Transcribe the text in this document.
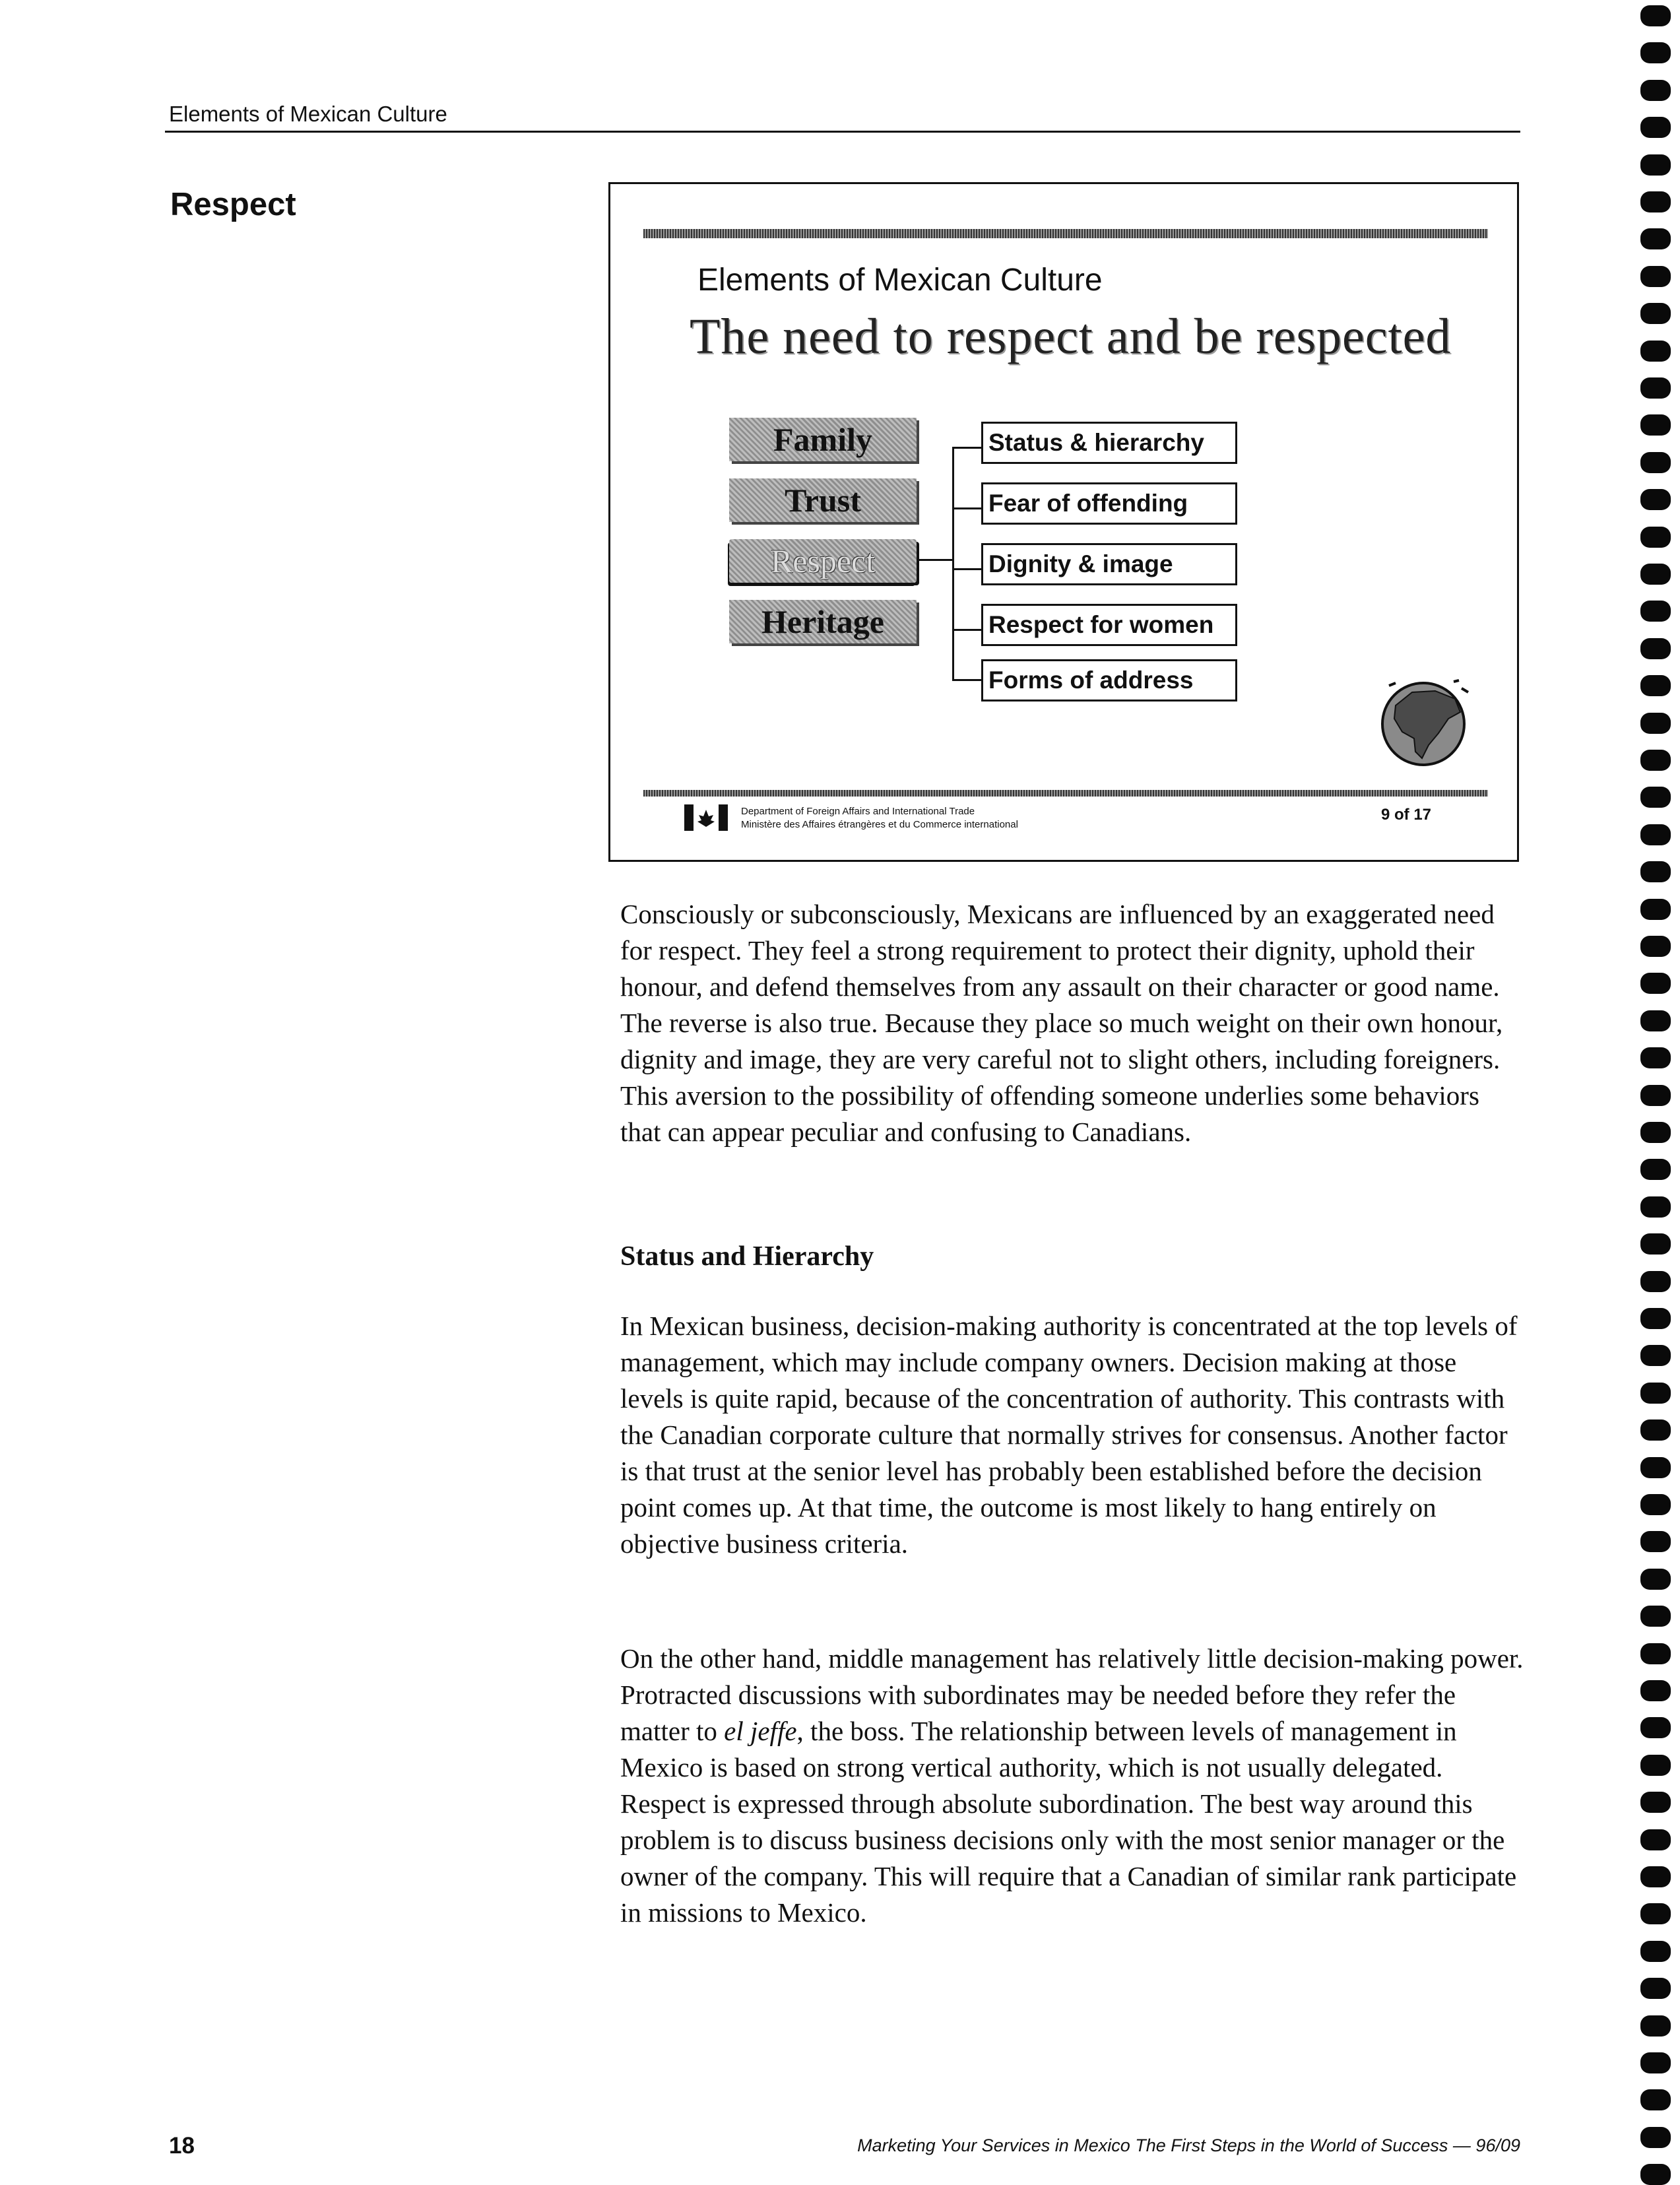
Elements of Mexican Culture
Respect
Elements of Mexican Culture
The need to respect and be respected
Family
Trust
Respect
Heritage
Status & hierarchy
Fear of offending
Dignity & image
Respect for women
Forms of address
Department of Foreign Affairs and International Trade
Ministère des Affaires étrangères et du Commerce international
9 of 17

Consciously or subconsciously, Mexicans are influenced by an exaggerated need for respect. They feel a strong requirement to protect their dignity, uphold their honour, and defend themselves from any assault on their character or good name. The reverse is also true. Because they place so much weight on their own honour, dignity and image, they are very careful not to slight others, including foreigners. This aversion to the possibility of offending someone underlies some behaviors that can appear peculiar and confusing to Canadians.

Status and Hierarchy

In Mexican business, decision-making authority is concentrated at the top levels of management, which may include company owners. Decision making at those levels is quite rapid, because of the concentration of authority. This contrasts with the Canadian corporate culture that normally strives for consensus. Another factor is that trust at the senior level has probably been established before the decision point comes up. At that time, the outcome is most likely to hang entirely on objective business criteria.

On the other hand, middle management has relatively little decision-making power. Protracted discussions with subordinates may be needed before they refer the matter to el jeffe, the boss. The relationship between levels of management in Mexico is based on strong vertical authority, which is not usually delegated. Respect is expressed through absolute subordination. The best way around this problem is to discuss business decisions only with the most senior manager or the owner of the company. This will require that a Canadian of similar rank participate in missions to Mexico.

18	Marketing Your Services in Mexico The First Steps in the World of Success — 96/09
